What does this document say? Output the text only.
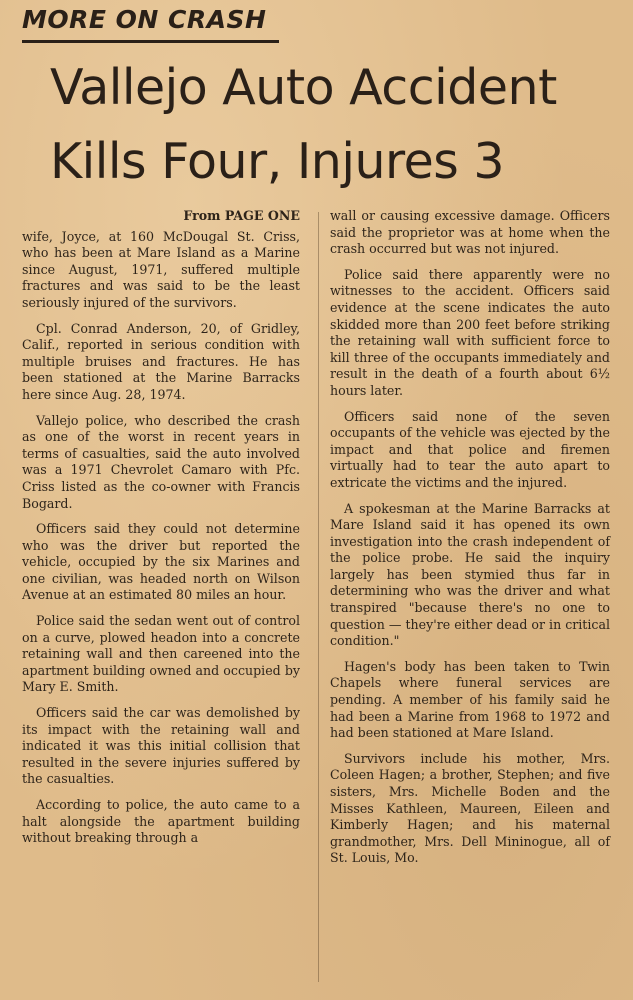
MORE ON CRASH
Vallejo Auto Accident
Kills Four, Injures 3
From PAGE ONE

wife, Joyce, at 160 McDougal St. Criss, who has been at Mare Island as a Marine since August, 1971, suffered multiple fractures and was said to be the least seriously injured of the survivors.

Cpl. Conrad Anderson, 20, of Gridley, Calif., reported in serious condition with multiple bruises and fractures. He has been stationed at the Marine Barracks here since Aug. 28, 1974.

Vallejo police, who described the crash as one of the worst in recent years in terms of casualties, said the auto involved was a 1971 Chevrolet Camaro with Pfc. Criss listed as the co-owner with Francis Bogard.

Officers said they could not determine who was the driver but reported the vehicle, occupied by the six Marines and one civilian, was headed north on Wilson Avenue at an estimated 80 miles an hour.

Police said the sedan went out of control on a curve, plowed headon into a concrete retaining wall and then careened into the apartment building owned and occupied by Mary E. Smith.

Officers said the car was demolished by its impact with the retaining wall and indicated it was this initial collision that resulted in the severe injuries suffered by the casualties.

According to police, the auto came to a halt alongside the apartment building without breaking through a

wall or causing excessive damage. Officers said the proprietor was at home when the crash occurred but was not injured.

Police said there apparently were no witnesses to the accident. Officers said evidence at the scene indicates the auto skidded more than 200 feet before striking the retaining wall with sufficient force to kill three of the occupants immediately and result in the death of a fourth about 6½ hours later.

Officers said none of the seven occupants of the vehicle was ejected by the impact and that police and firemen virtually had to tear the auto apart to extricate the victims and the injured.

A spokesman at the Marine Barracks at Mare Island said it has opened its own investigation into the crash independent of the police probe. He said the inquiry largely has been stymied thus far in determining who was the driver and what transpired "because there's no one to question — they're either dead or in critical condition."

Hagen's body has been taken to Twin Chapels where funeral services are pending. A member of his family said he had been a Marine from 1968 to 1972 and had been stationed at Mare Island.

Survivors include his mother, Mrs. Coleen Hagen; a brother, Stephen; and five sisters, Mrs. Michelle Boden and the Misses Kathleen, Maureen, Eileen and Kimberly Hagen; and his maternal grandmother, Mrs. Dell Mininogue, all of St. Louis, Mo.
